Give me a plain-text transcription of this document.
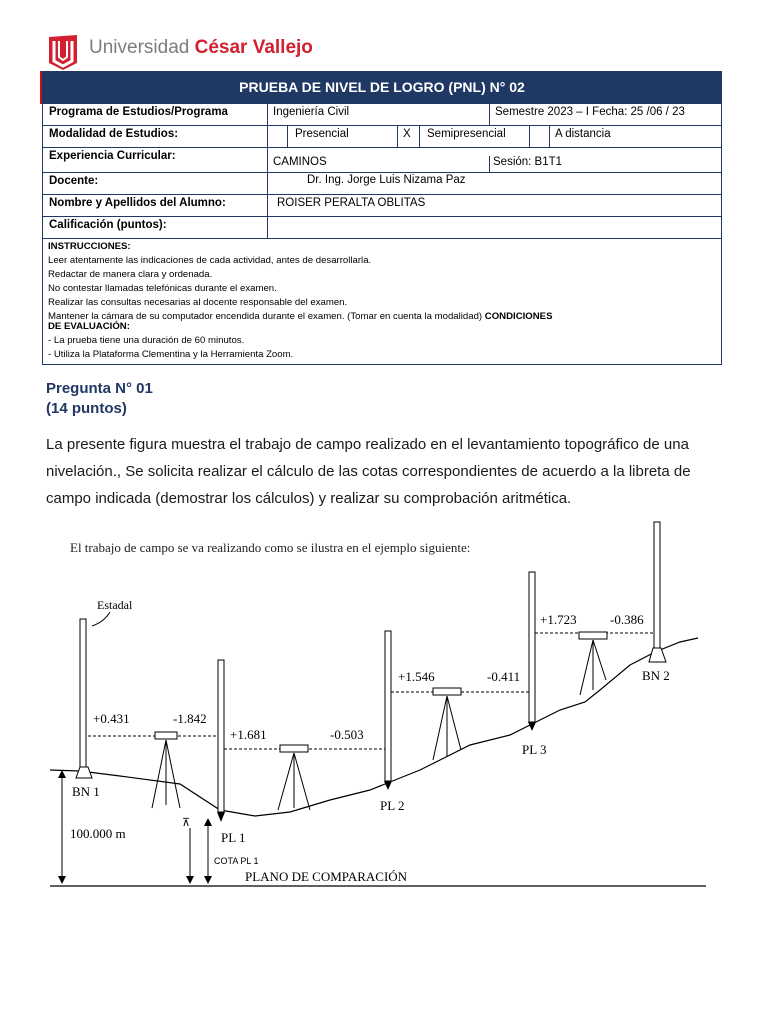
Universidad César Vallejo
PRUEBA DE NIVEL DE LOGRO (PNL) N° 02
Programa de Estudios/Programa	Ingeniería Civil	Semestre 2023 – I Fecha: 25 /06 / 23
Modalidad de Estudios:	Presencial	X Semipresencial	A distancia
Experiencia Curricular:	CAMINOS	Sesión: B1T1
Docente:	Dr. Ing. Jorge Luis Nizama Paz
Nombre y Apellidos del Alumno:	ROISER PERALTA OBLITAS
Calificación (puntos):
INSTRUCCIONES:
Leer atentamente las indicaciones de cada actividad, antes de desarrollarla.
Redactar de manera clara y ordenada.
No contestar llamadas telefónicas durante el examen.
Realizar las consultas necesarias al docente responsable del examen.
Mantener la cámara de su computador encendida durante el examen. (Tomar en cuenta la modalidad) CONDICIONES
DE EVALUACIÓN:
- La prueba tiene una duración de 60 minutos.
- Utiliza la Plataforma Clementina y la Herramienta Zoom.
Pregunta N° 01
(14 puntos)
La presente figura muestra el trabajo de campo realizado en el levantamiento topográfico de una nivelación., Se solicita realizar el cálculo de las cotas correspondientes de acuerdo a la libreta de campo indicada (demostrar los cálculos) y realizar su comprobación aritmética.
El trabajo de campo se va realizando como se ilustra en el ejemplo siguiente:
Estadal
BN 1
100.000 m	PL 1
⊼
COTA PL 1
PL 2
PL 3
BN 2
+0.431	-1.842
+1.681	-0.503
+1.546	-0.411
+1.723	-0.386
PLANO DE COMPARACIÓN
